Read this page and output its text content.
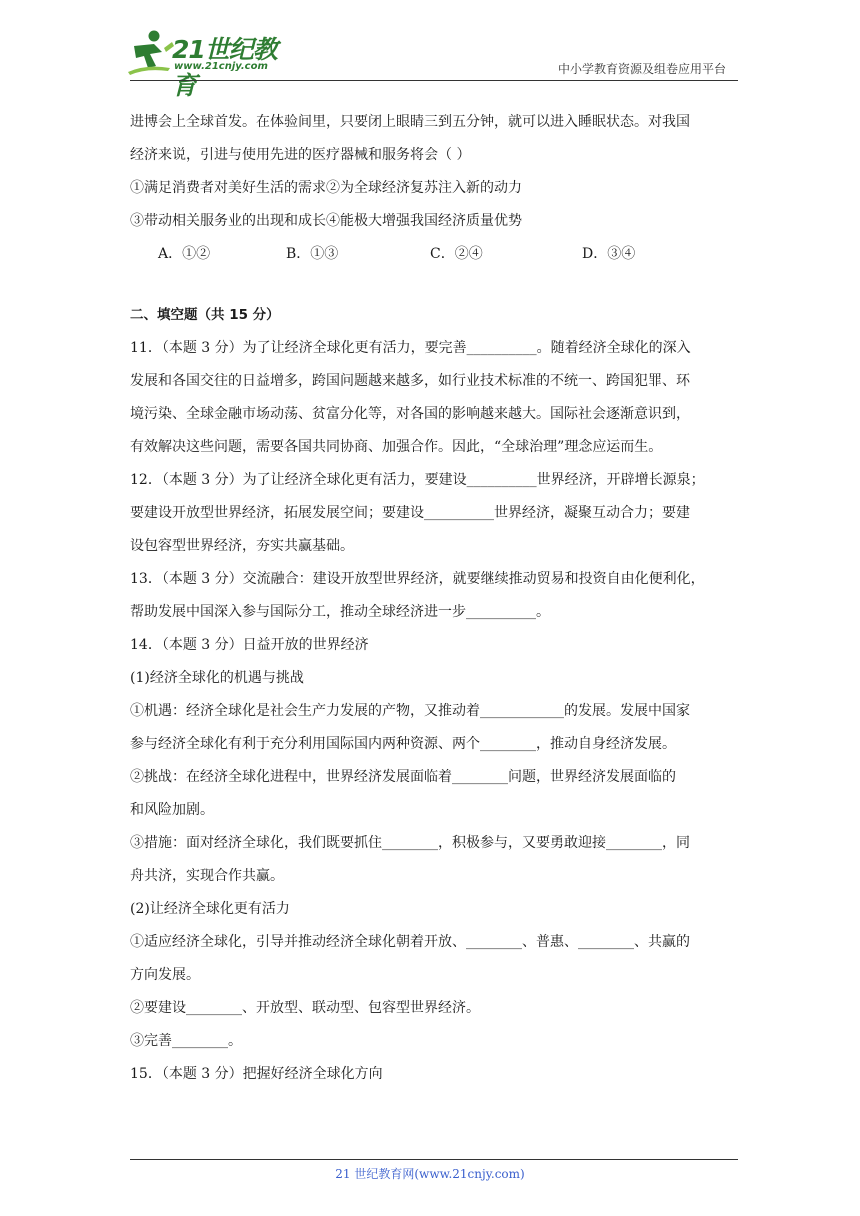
21世纪教育
www.21cnjy.com	中小学教育资源及组卷应用平台

进博会上全球首发。在体验间里，只要闭上眼睛三到五分钟，就可以进入睡眠状态。对我国

经济来说，引进与使用先进的医疗器械和服务将会（ ）

①满足消费者对美好生活的需求②为全球经济复苏注入新的动力

③带动相关服务业的出现和成长④能极大增强我国经济质量优势

A．①②	B．①③	C．②④	D．③④

二、填空题（共 15 分）

11．（本题 3 分）为了让经济全球化更有活力，要完善__________。随着经济全球化的深入

发展和各国交往的日益增多，跨国问题越来越多，如行业技术标准的不统一、跨国犯罪、环

境污染、全球金融市场动荡、贫富分化等，对各国的影响越来越大。国际社会逐渐意识到，

有效解决这些问题，需要各国共同协商、加强合作。因此，“全球治理”理念应运而生。

12．（本题 3 分）为了让经济全球化更有活力，要建设__________世界经济，开辟增长源泉；

要建设开放型世界经济，拓展发展空间；要建设__________世界经济，凝聚互动合力；要建

设包容型世界经济，夯实共赢基础。

13．（本题 3 分）交流融合：建设开放型世界经济，就要继续推动贸易和投资自由化便利化，

帮助发展中国深入参与国际分工，推动全球经济进一步__________。

14．（本题 3 分）日益开放的世界经济

(1)经济全球化的机遇与挑战

①机遇：经济全球化是社会生产力发展的产物，又推动着____________的发展。发展中国家

参与经济全球化有利于充分利用国际国内两种资源、两个________，推动自身经济发展。

②挑战：在经济全球化进程中，世界经济发展面临着________问题，世界经济发展面临的

和风险加剧。

③措施：面对经济全球化，我们既要抓住________，积极参与，又要勇敢迎接________，同

舟共济，实现合作共赢。

(2)让经济全球化更有活力

①适应经济全球化，引导并推动经济全球化朝着开放、________、普惠、________、共赢的

方向发展。

②要建设________、开放型、联动型、包容型世界经济。

③完善________。

15．（本题 3 分）把握好经济全球化方向

21 世纪教育网(www.21cnjy.com)
